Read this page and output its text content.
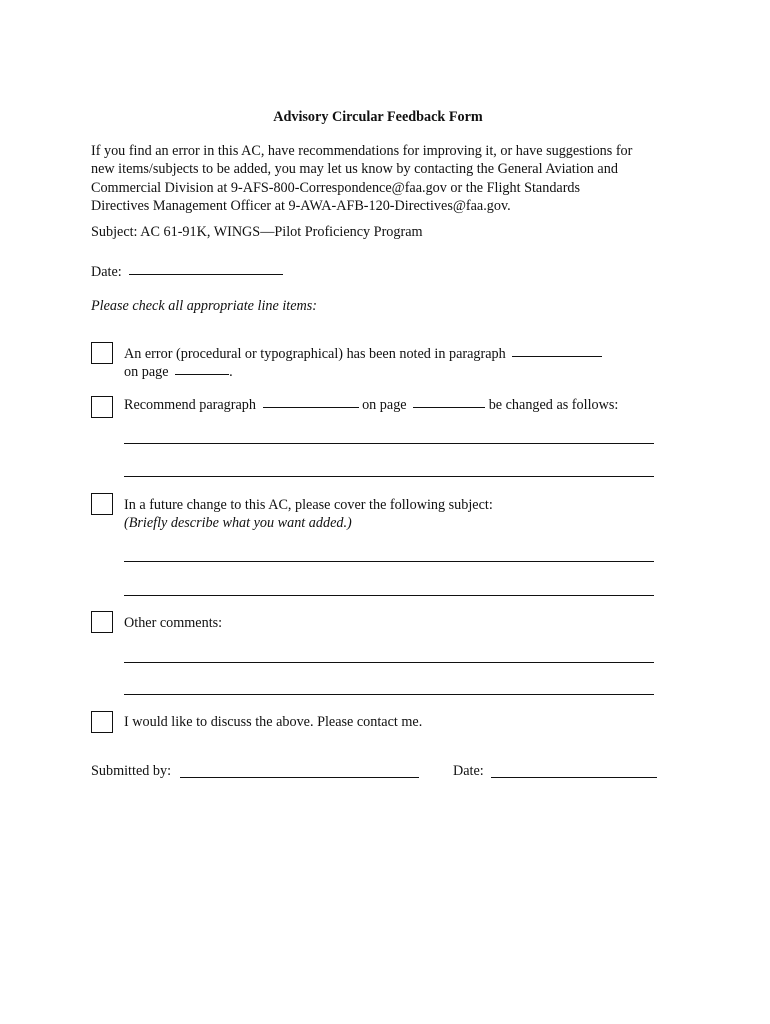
Advisory Circular Feedback Form
If you find an error in this AC, have recommendations for improving it, or have suggestions for
new items/subjects to be added, you may let us know by contacting the General Aviation and
Commercial Division at 9-AFS-800-Correspondence@faa.gov or the Flight Standards
Directives Management Officer at 9-AWA-AFB-120-Directives@faa.gov.
Subject: AC 61-91K, WINGS—Pilot Proficiency Program
Date:
Please check all appropriate line items:
An error (procedural or typographical) has been noted in paragraph
on page	.
Recommend paragraph	on page	be changed as follows:
In a future change to this AC, please cover the following subject:
(Briefly describe what you want added.)
Other comments:
I would like to discuss the above. Please contact me.
Submitted by:	Date:
